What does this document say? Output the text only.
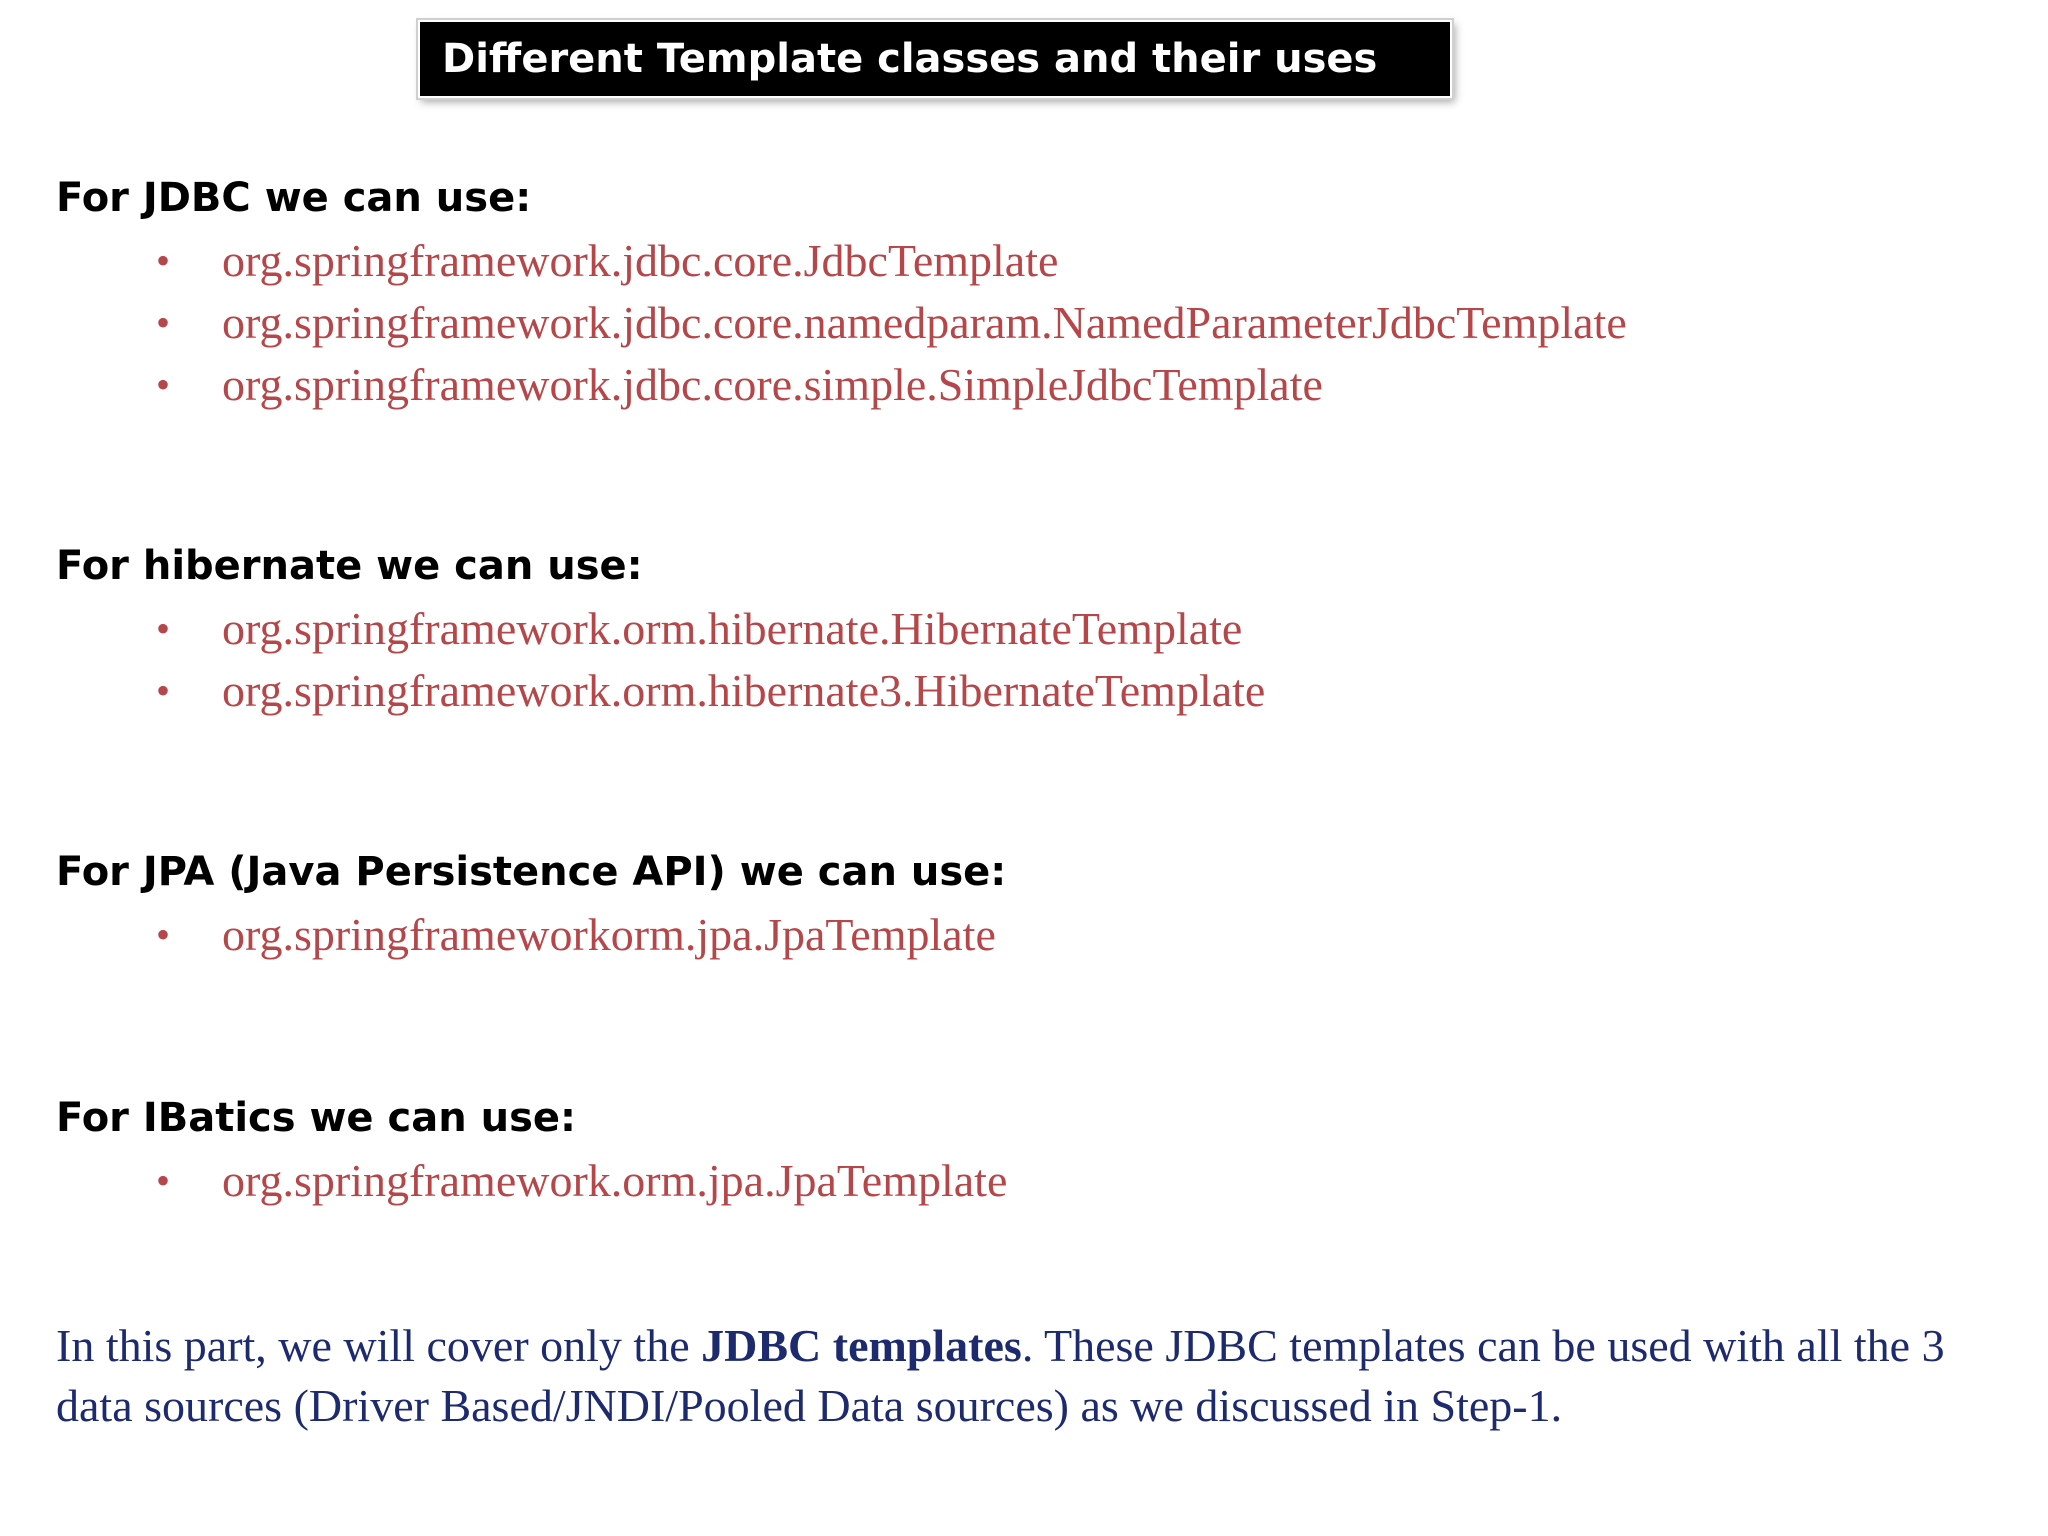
Different Template classes and their uses

For JDBC we can use:

• org.springframework.jdbc.core.JdbcTemplate
• org.springframework.jdbc.core.namedparam.NamedParameterJdbcTemplate
• org.springframework.jdbc.core.simple.SimpleJdbcTemplate

For hibernate we can use:

• org.springframework.orm.hibernate.HibernateTemplate
• org.springframework.orm.hibernate3.HibernateTemplate

For JPA (Java Persistence API) we can use:

• org.springframeworkorm.jpa.JpaTemplate

For IBatics we can use:

• org.springframework.orm.jpa.JpaTemplate

In this part, we will cover only the JDBC templates. These JDBC templates can be used with all the 3 data sources (Driver Based/JNDI/Pooled Data sources) as we discussed in Step-1.
